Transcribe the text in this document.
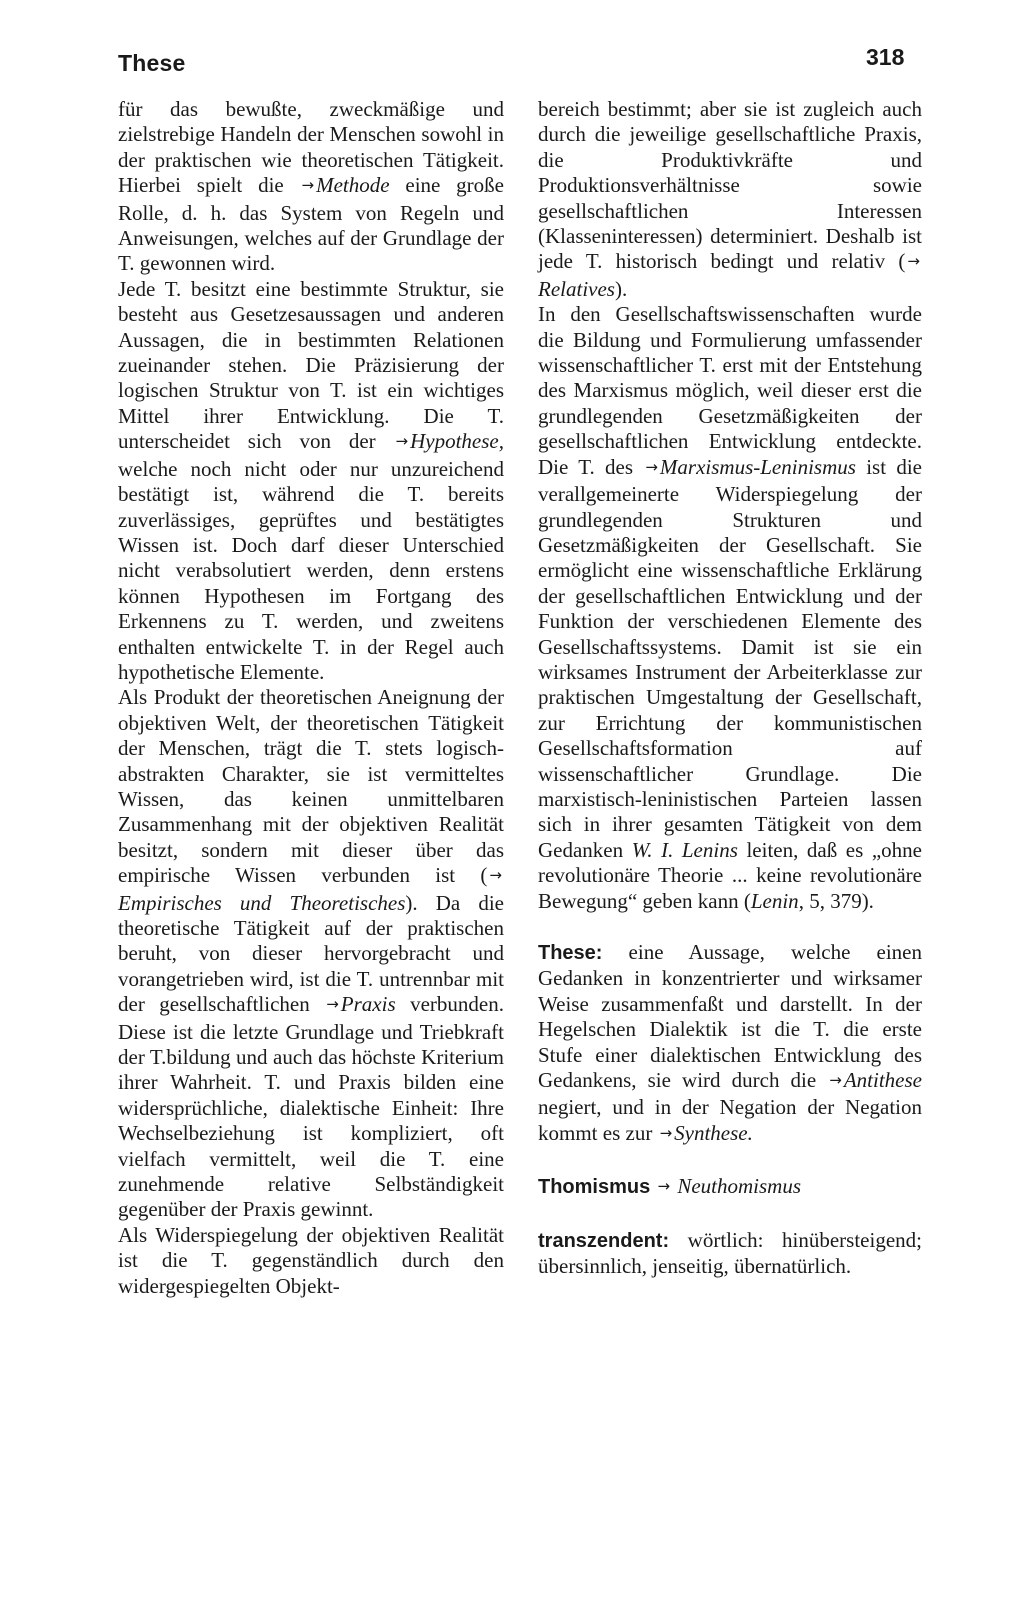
These	318

für das bewußte, zweckmäßige und zielstrebige Handeln der Menschen sowohl in der praktischen wie theoretischen Tätigkeit. Hierbei spielt die →Methode eine große Rolle, d. h. das System von Regeln und Anweisungen, welches auf der Grundlage der T. gewonnen wird.

Jede T. besitzt eine bestimmte Struktur, sie besteht aus Gesetzesaussagen und anderen Aussagen, die in bestimmten Relationen zueinander stehen. Die Präzisierung der logischen Struktur von T. ist ein wichtiges Mittel ihrer Entwicklung. Die T. unterscheidet sich von der →Hypothese, welche noch nicht oder nur unzureichend bestätigt ist, während die T. bereits zuverlässiges, geprüftes und bestätigtes Wissen ist. Doch darf dieser Unterschied nicht verabsolutiert werden, denn erstens können Hypothesen im Fortgang des Erkennens zu T. werden, und zweitens enthalten entwickelte T. in der Regel auch hypothetische Elemente.

Als Produkt der theoretischen Aneignung der objektiven Welt, der theoretischen Tätigkeit der Menschen, trägt die T. stets logisch-abstrakten Charakter, sie ist vermitteltes Wissen, das keinen unmittelbaren Zusammenhang mit der objektiven Realität besitzt, sondern mit dieser über das empirische Wissen verbunden ist ( →Empirisches und Theoretisches). Da die theoretische Tätigkeit auf der praktischen beruht, von dieser hervorgebracht und vorangetrieben wird, ist die T. untrennbar mit der gesellschaftlichen →Praxis verbunden. Diese ist die letzte Grundlage und Triebkraft der T.bildung und auch das höchste Kriterium ihrer Wahrheit. T. und Praxis bilden eine widersprüchliche, dialektische Einheit: Ihre Wechselbeziehung ist kompliziert, oft vielfach vermittelt, weil die T. eine zunehmende relative Selbständigkeit gegenüber der Praxis gewinnt.

Als Widerspiegelung der objektiven Realität ist die T. gegenständlich durch den widergespiegelten Objekt-

bereich bestimmt; aber sie ist zugleich auch durch die jeweilige gesellschaftliche Praxis, die Produktivkräfte und Produktionsverhältnisse sowie gesellschaftlichen Interessen (Klasseninteressen) determiniert. Deshalb ist jede T. historisch bedingt und relativ ( →Relatives).

In den Gesellschaftswissenschaften wurde die Bildung und Formulierung umfassender wissenschaftlicher T. erst mit der Entstehung des Marxismus möglich, weil dieser erst die grundlegenden Gesetzmäßigkeiten der gesellschaftlichen Entwicklung entdeckte. Die T. des →Marxismus-Leninismus ist die verallgemeinerte Widerspiegelung der grundlegenden Strukturen und Gesetzmäßigkeiten der Gesellschaft. Sie ermöglicht eine wissenschaftliche Erklärung der gesellschaftlichen Entwicklung und der Funktion der verschiedenen Elemente des Gesellschaftssystems. Damit ist sie ein wirksames Instrument der Arbeiterklasse zur praktischen Umgestaltung der Gesellschaft, zur Errichtung der kommunistischen Gesellschaftsformation auf wissenschaftlicher Grundlage. Die marxistisch-leninistischen Parteien lassen sich in ihrer gesamten Tätigkeit von dem Gedanken W. I. Lenins leiten, daß es „ohne revolutionäre Theorie ... keine revolutionäre Bewegung“ geben kann (Lenin, 5, 379).

These: eine Aussage, welche einen Gedanken in konzentrierter und wirksamer Weise zusammenfaßt und darstellt. In der Hegelschen Dialektik ist die T. die erste Stufe einer dialektischen Entwicklung des Gedankens, sie wird durch die →Antithese negiert, und in der Negation der Negation kommt es zur →Synthese.

Thomismus → Neuthomismus

transzendent: wörtlich: hinübersteigend; übersinnlich, jenseitig, übernatürlich.
